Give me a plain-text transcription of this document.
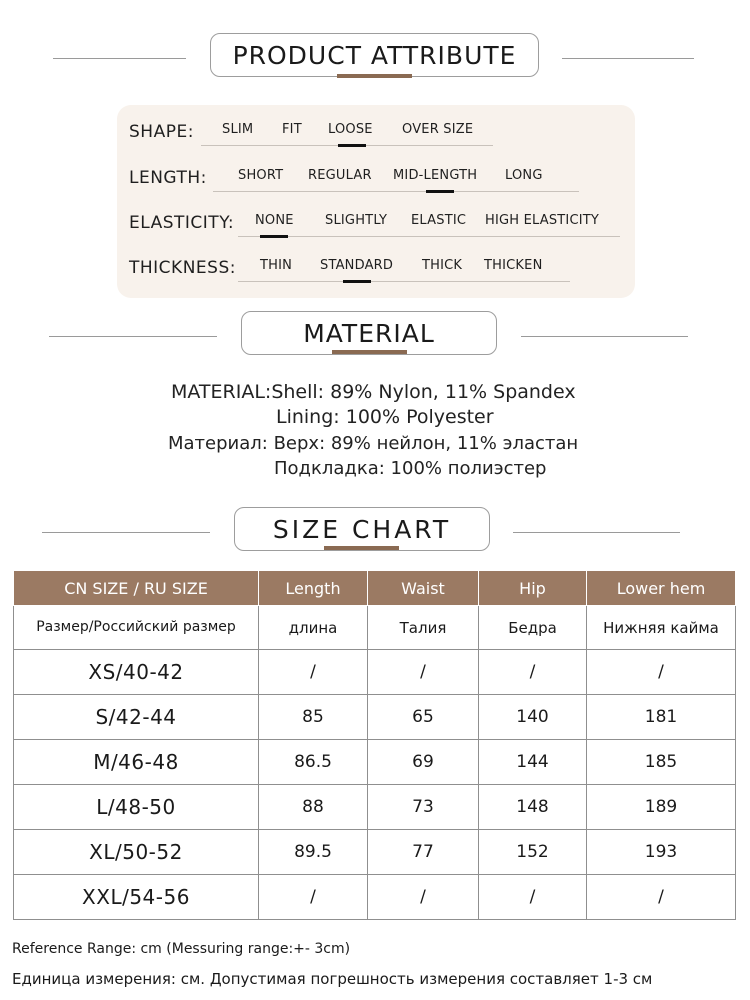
PRODUCT ATTRIBUTE
SHAPE: SLIM FIT LOOSE OVER SIZE
LENGTH: SHORT REGULAR MID-LENGTH LONG
ELASTICITY: NONE SLIGHTLY ELASTIC HIGH ELASTICITY
THICKNESS: THIN STANDARD THICK THICKEN
MATERIAL
MATERIAL:Shell: 89% Nylon, 11% Spandex
Lining: 100% Polyester
Материал: Верх: 89% нейлон, 11% эластан
Подкладка: 100% полиэстер
SIZE CHART
CN SIZE / RU SIZE	Length	Waist	Hip	Lower hem
Размер/Российский размер	длина	Талия	Бедра	Нижняя кайма
XS/40-42	/	/	/	/
S/42-44	85	65	140	181
M/46-48	86.5	69	144	185
L/48-50	88	73	148	189
XL/50-52	89.5	77	152	193
XXL/54-56	/	/	/	/
Reference Range: cm (Messuring range:+- 3cm)
Единица измерения: см. Допустимая погрешность измерения составляет 1-3 см
